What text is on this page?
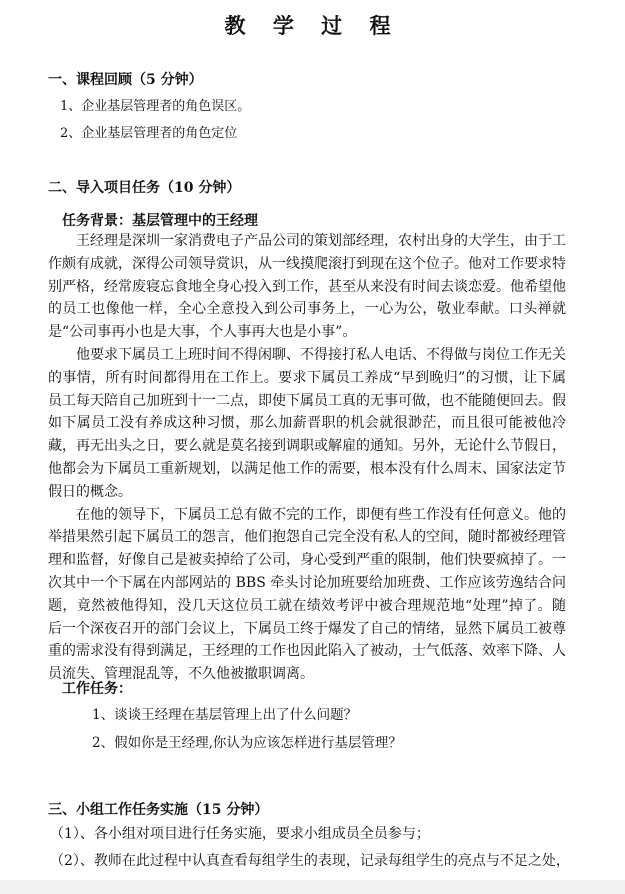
教 学 过 程
一、课程回顾（5 分钟）
1、企业基层管理者的角色误区。
2、企业基层管理者的角色定位
二、导入项目任务（10 分钟）
任务背景：基层管理中的王经理

王经理是深圳一家消费电子产品公司的策划部经理，农村出身的大学生，由于工作颇有成就，深得公司领导赏识，从一线摸爬滚打到现在这个位子。他对工作要求特别严格，经常废寝忘食地全身心投入到工作，甚至从来没有时间去谈恋爱。他希望他的员工也像他一样，全心全意投入到公司事务上，一心为公，敬业奉献。口头禅就是“公司事再小也是大事，个人事再大也是小事”。

他要求下属员工上班时间不得闲聊、不得接打私人电话、不得做与岗位工作无关的事情，所有时间都得用在工作上。要求下属员工养成“早到晚归”的习惯，让下属员工每天陪自己加班到十一二点，即使下属员工真的无事可做，也不能随便回去。假如下属员工没有养成这种习惯，那么加薪晋职的机会就很渺茫，而且很可能被他冷藏，再无出头之日，要么就是莫名接到调职或解雇的通知。另外，无论什么节假日，他都会为下属员工重新规划，以满足他工作的需要，根本没有什么周末、国家法定节假日的概念。

在他的领导下，下属员工总有做不完的工作，即便有些工作没有任何意义。他的举措果然引起下属员工的怨言，他们抱怨自己完全没有私人的空间，随时都被经理管理和监督，好像自己是被卖掉给了公司，身心受到严重的限制，他们快要疯掉了。一次其中一个下属在内部网站的 BBS 牵头讨论加班要给加班费、工作应该劳逸结合问题，竟然被他得知，没几天这位员工就在绩效考评中被合理规范地“处理”掉了。随后一个深夜召开的部门会议上，下属员工终于爆发了自己的情绪，显然下属员工被尊重的需求没有得到满足，王经理的工作也因此陷入了被动，士气低落、效率下降、人员流失、管理混乱等，不久他被撤职调离。

工作任务：
1、谈谈王经理在基层管理上出了什么问题？
2、假如你是王经理,你认为应该怎样进行基层管理？
三、小组工作任务实施（15 分钟）
（1）、各小组对项目进行任务实施，要求小组成员全员参与；
（2）、教师在此过程中认真查看每组学生的表现，记录每组学生的亮点与不足之处，
